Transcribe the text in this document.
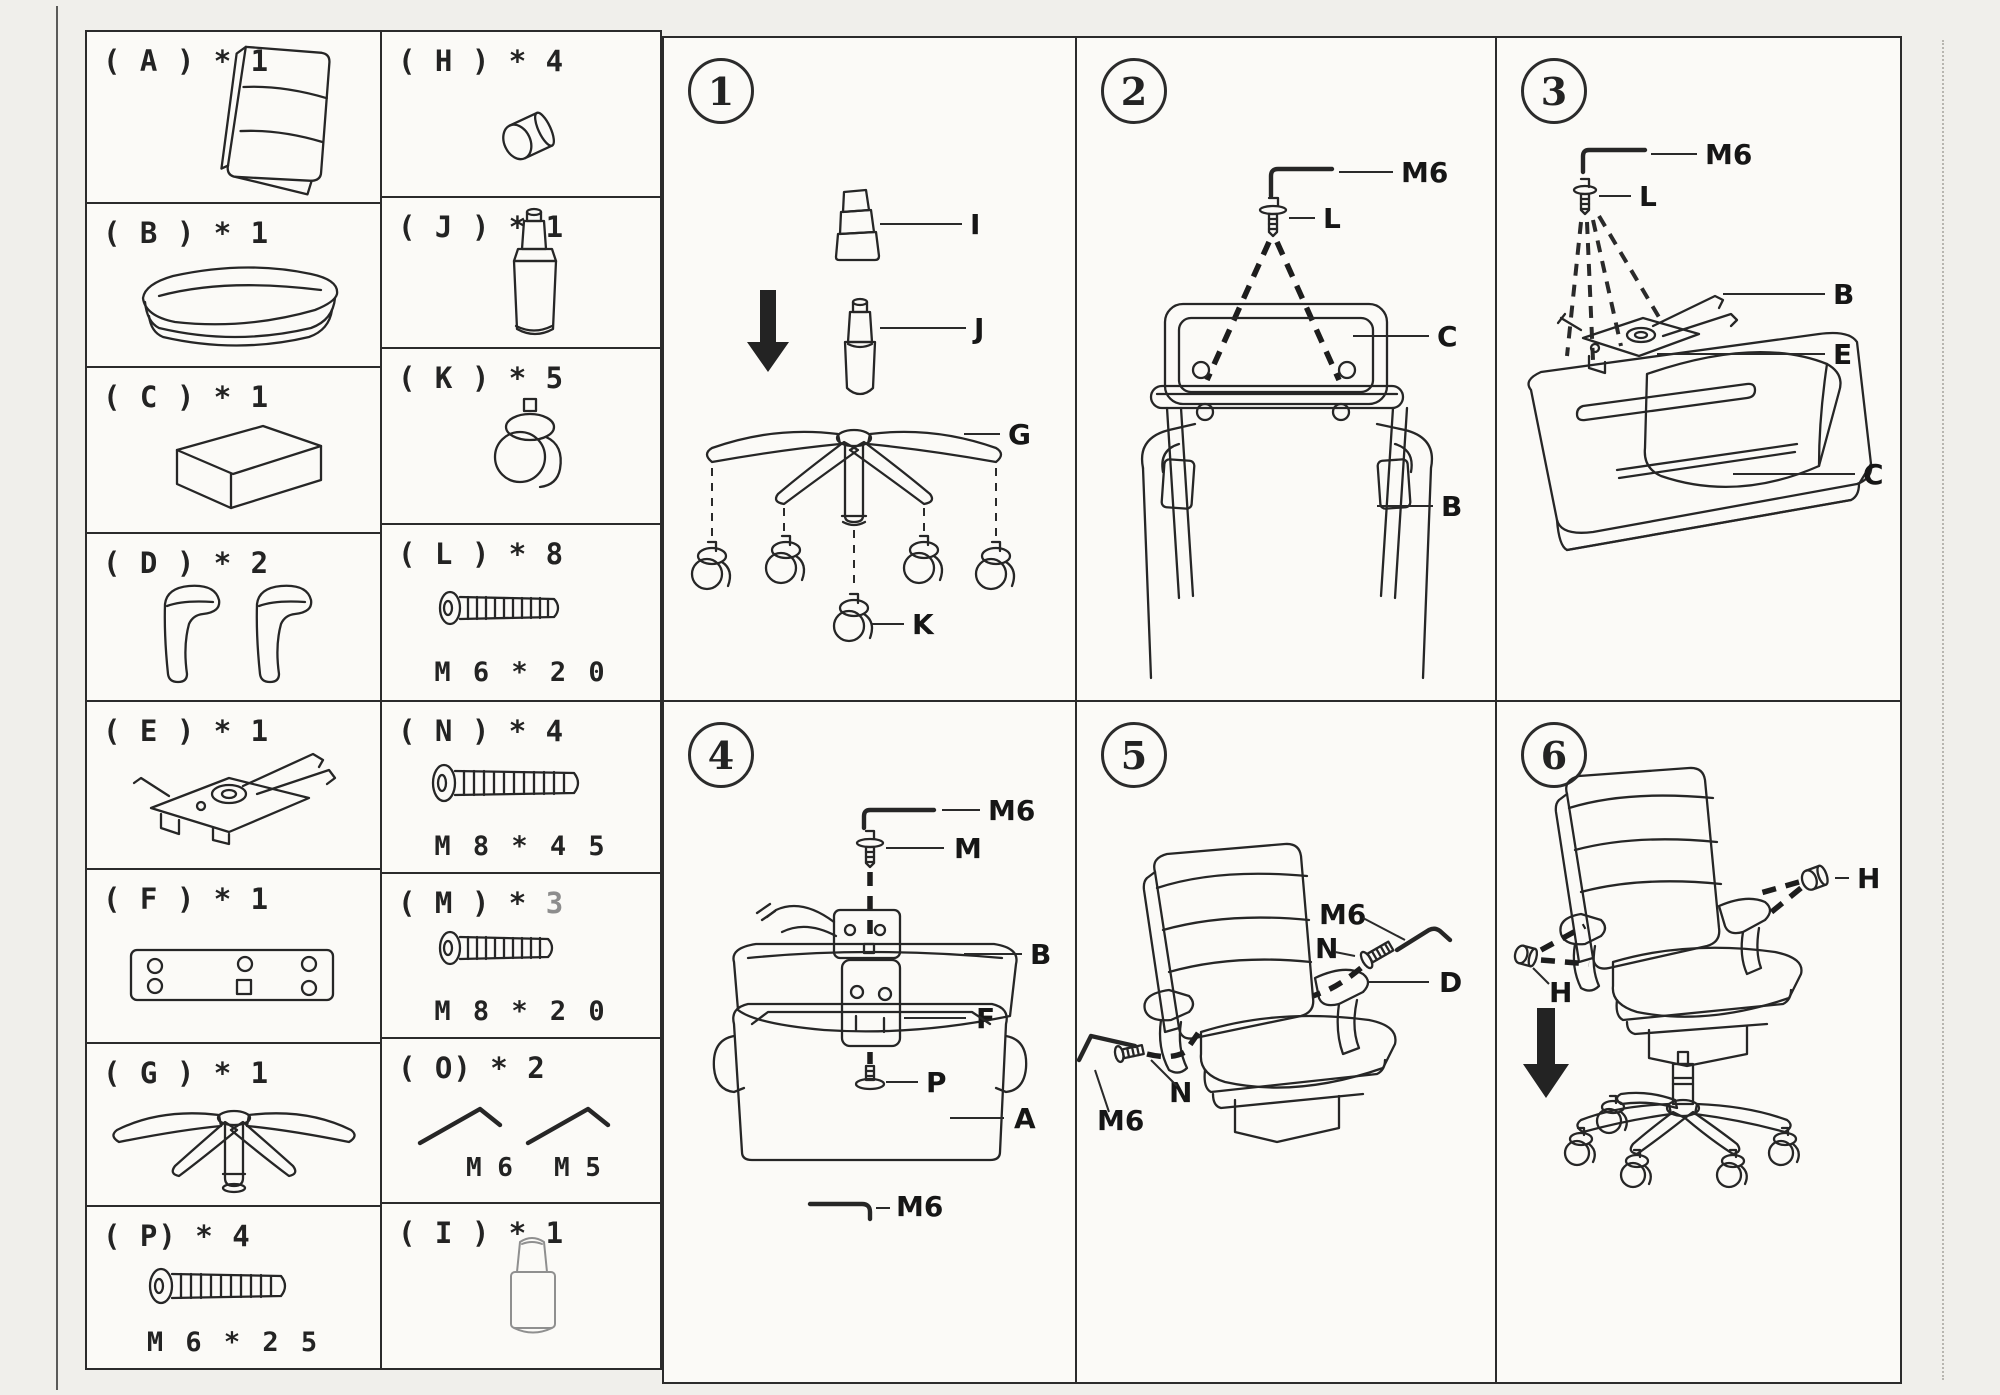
( A ) * 1
( B ) * 1
( C ) * 1
( D ) * 2
( E ) * 1
( F ) * 1
( G ) * 1
( P) * 4
M 6 * 2 5
( H ) * 4
( J ) * 1
( K ) * 5
( L ) * 8
M 6 * 2 0
( N ) * 4
M 8 * 4 5
( M ) * 3
M 8 * 2 0
( O) * 2
M 6 M 5
( I ) * 1
1
I
J
G
K
2
M6
L
C
B
3
M6
L
C
B
E
4
M6
M
B
F
P
M6
A
5
M6
N
D
N
M6
6
H
H
